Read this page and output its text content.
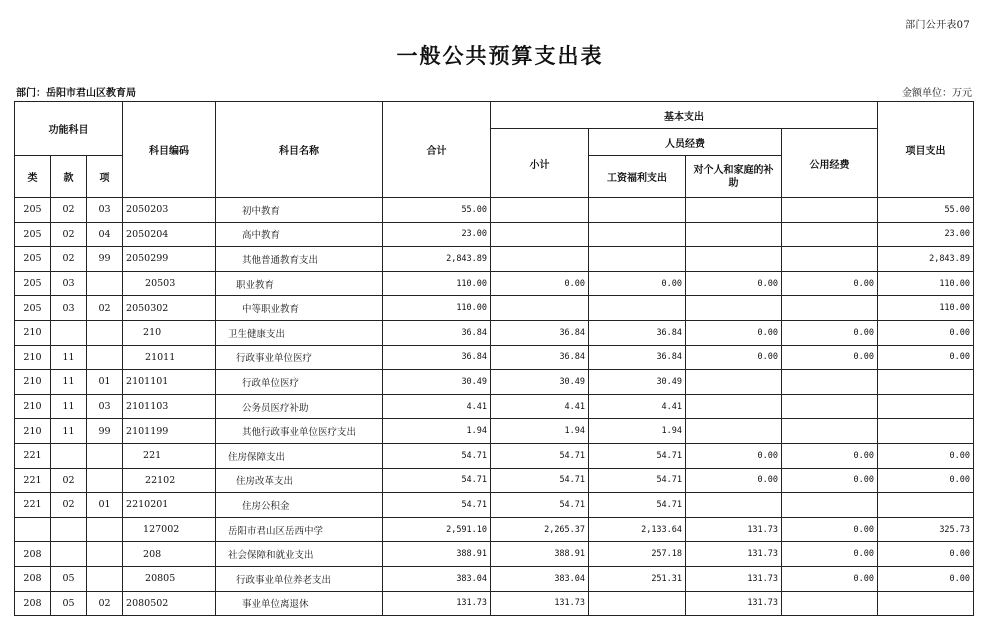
部门公开表07
一般公共预算支出表
部门：岳阳市君山区教育局	金额单位：万元
功能科目			科目编码	科目名称	合计	基本支出				项目支出
						小计	人员经费		公用经费	
类	款	项					工资福利支出	对个人和家庭的补助		
205	02	03	2050203	初中教育	55.00					55.00
205	02	04	2050204	高中教育	23.00					23.00
205	02	99	2050299	其他普通教育支出	2,843.89					2,843.89
205	03		20503	职业教育	110.00	0.00	0.00	0.00	0.00	110.00
205	03	02	2050302	中等职业教育	110.00					110.00
210			210	卫生健康支出	36.84	36.84	36.84	0.00	0.00	0.00
210	11		21011	行政事业单位医疗	36.84	36.84	36.84	0.00	0.00	0.00
210	11	01	2101101	行政单位医疗	30.49	30.49	30.49			
210	11	03	2101103	公务员医疗补助	4.41	4.41	4.41			
210	11	99	2101199	其他行政事业单位医疗支出	1.94	1.94	1.94			
221			221	住房保障支出	54.71	54.71	54.71	0.00	0.00	0.00
221	02		22102	住房改革支出	54.71	54.71	54.71	0.00	0.00	0.00
221	02	01	2210201	住房公积金	54.71	54.71	54.71			
			127002	岳阳市君山区岳西中学	2,591.10	2,265.37	2,133.64	131.73	0.00	325.73
208			208	社会保障和就业支出	388.91	388.91	257.18	131.73	0.00	0.00
208	05		20805	行政事业单位养老支出	383.04	383.04	251.31	131.73	0.00	0.00
208	05	02	2080502	事业单位离退休	131.73	131.73		131.73		
